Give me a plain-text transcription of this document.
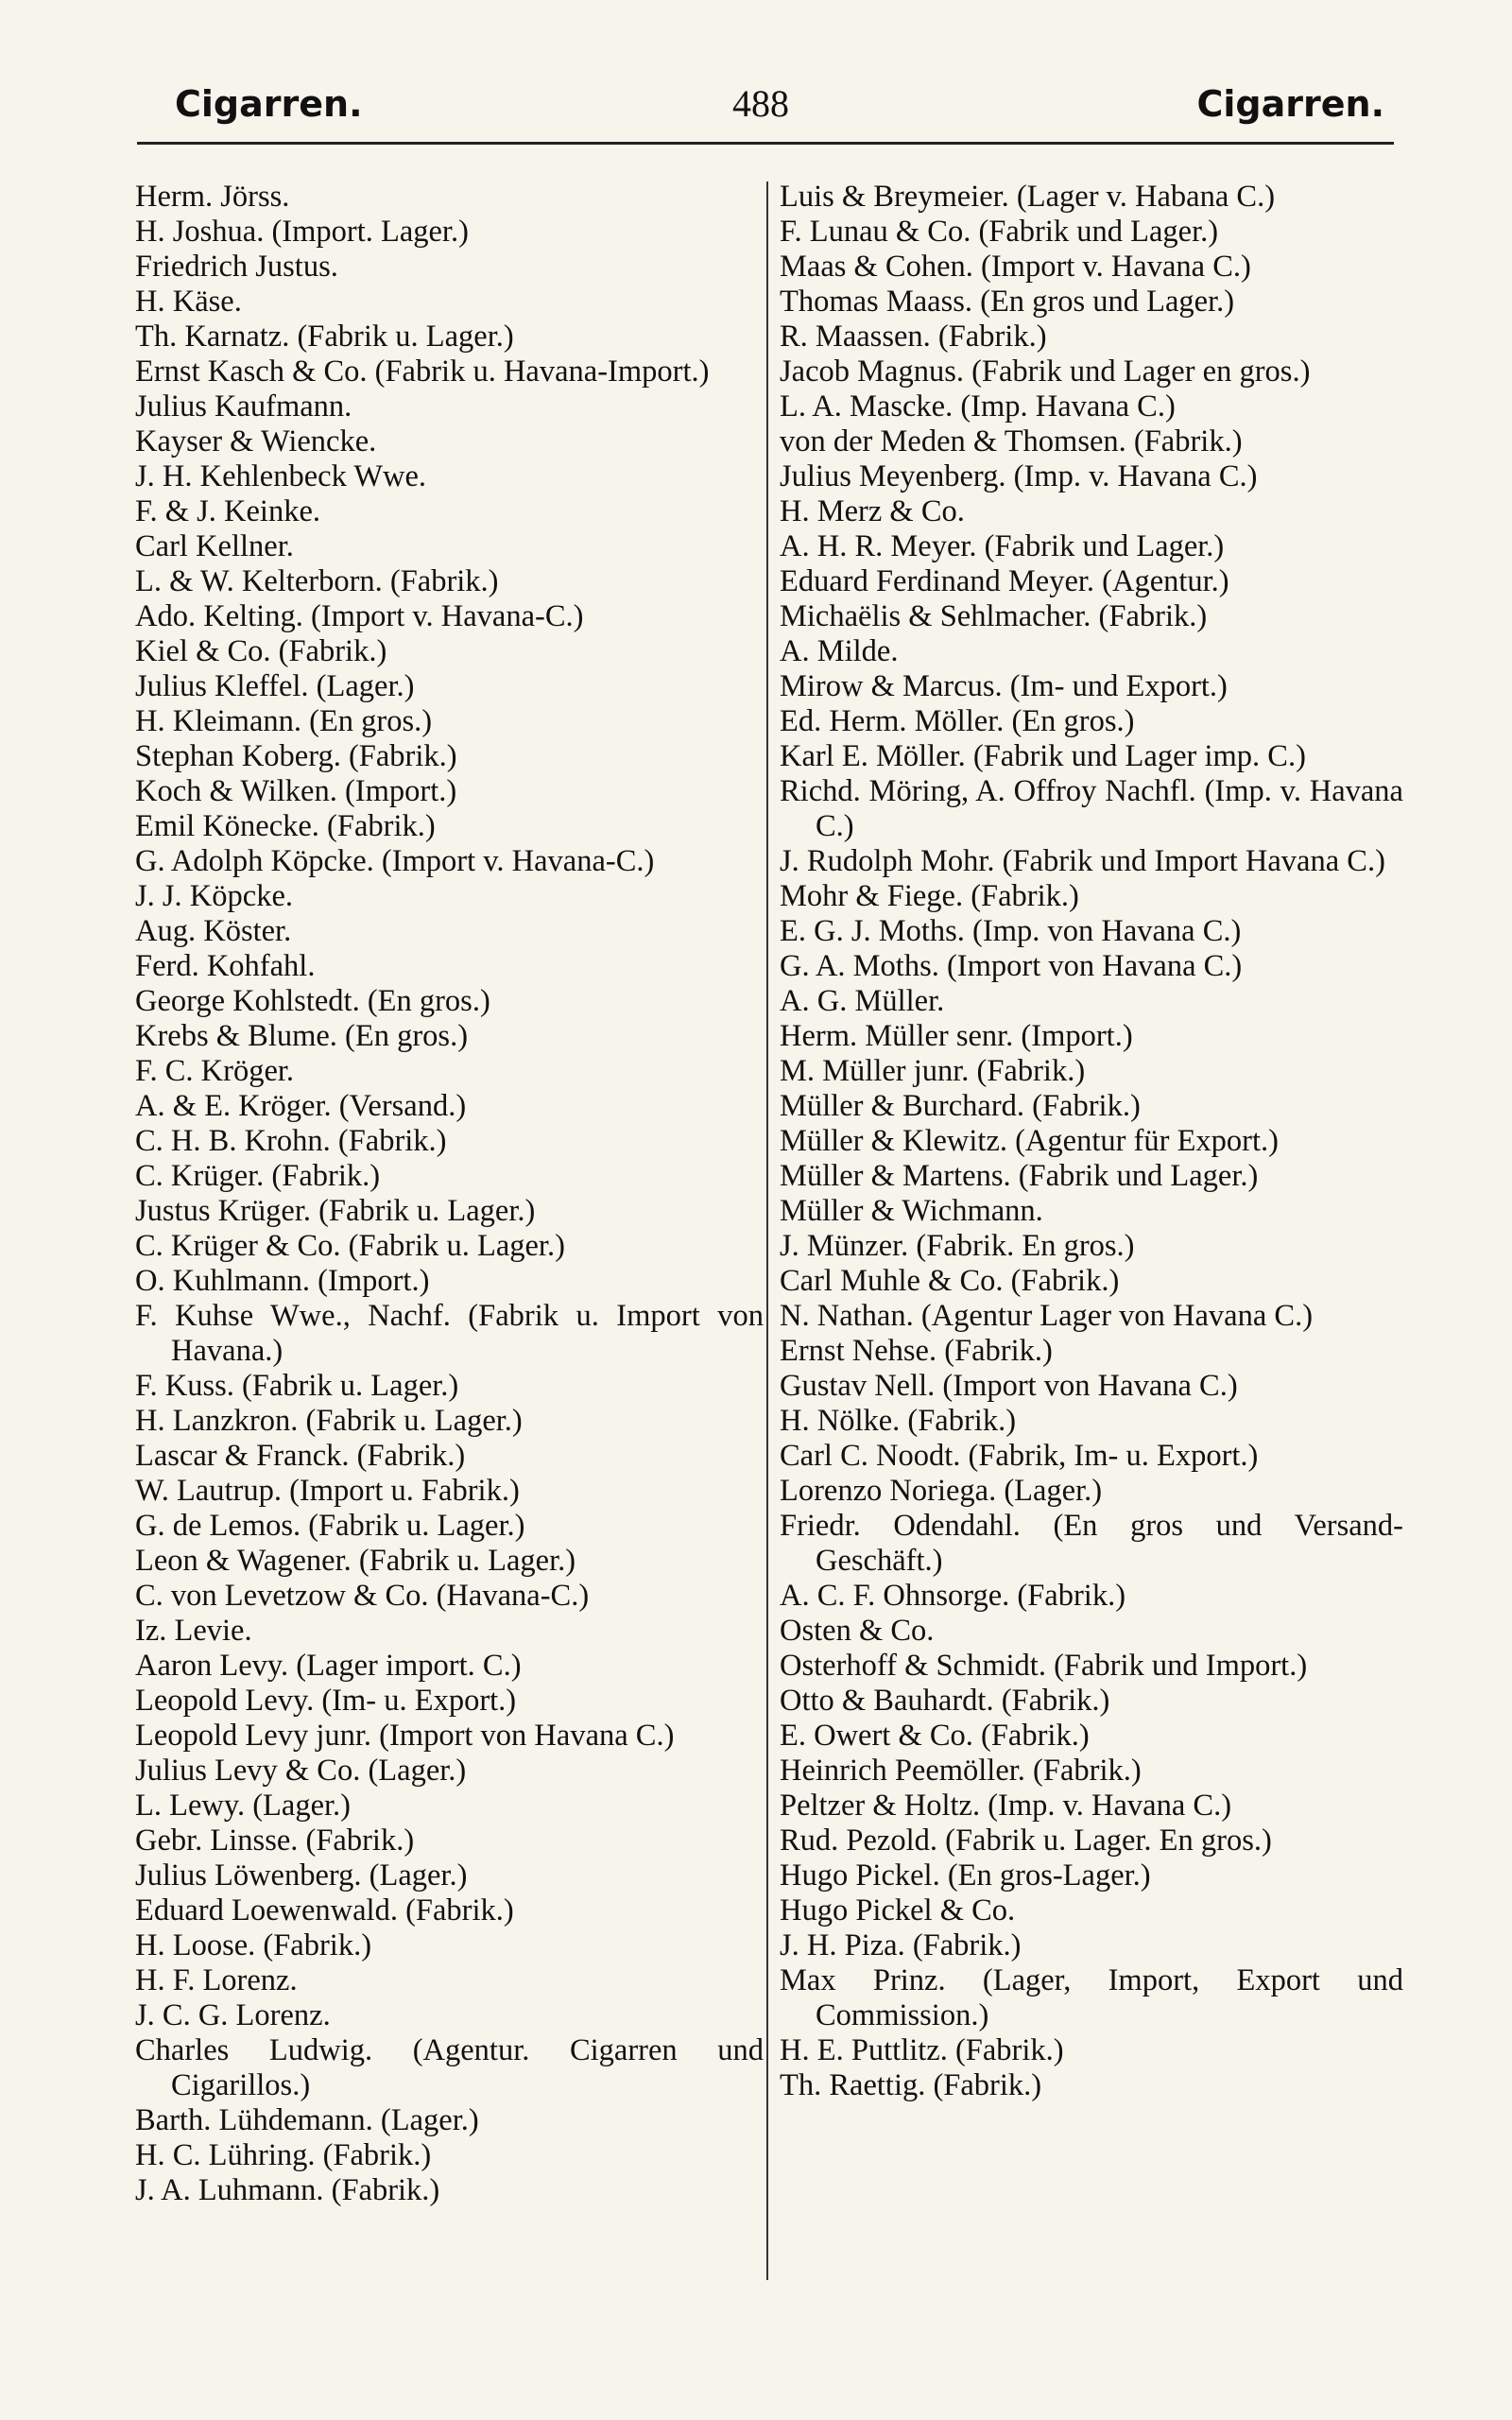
Cigarren.	488	Cigarren.
Herm. Jörss.
H. Joshua. (Import. Lager.)
Friedrich Justus.
H. Käse.
Th. Karnatz. (Fabrik u. Lager.)
Ernst Kasch & Co. (Fabrik u. Havana-Import.)
Julius Kaufmann.
Kayser & Wiencke.
J. H. Kehlenbeck Wwe.
F. & J. Keinke.
Carl Kellner.
L. & W. Kelterborn. (Fabrik.)
Ado. Kelting. (Import v. Havana-C.)
Kiel & Co. (Fabrik.)
Julius Kleffel. (Lager.)
H. Kleimann. (En gros.)
Stephan Koberg. (Fabrik.)
Koch & Wilken. (Import.)
Emil Könecke. (Fabrik.)
G. Adolph Köpcke. (Import v. Havana-C.)
J. J. Köpcke.
Aug. Köster.
Ferd. Kohfahl.
George Kohlstedt. (En gros.)
Krebs & Blume. (En gros.)
F. C. Kröger.
A. & E. Kröger. (Versand.)
C. H. B. Krohn. (Fabrik.)
C. Krüger. (Fabrik.)
Justus Krüger. (Fabrik u. Lager.)
C. Krüger & Co. (Fabrik u. Lager.)
O. Kuhlmann. (Import.)
F. Kuhse Wwe., Nachf. (Fabrik u. Import von Havana.)
F. Kuss. (Fabrik u. Lager.)
H. Lanzkron. (Fabrik u. Lager.)
Lascar & Franck. (Fabrik.)
W. Lautrup. (Import u. Fabrik.)
G. de Lemos. (Fabrik u. Lager.)
Leon & Wagener. (Fabrik u. Lager.)
C. von Levetzow & Co. (Havana-C.)
Iz. Levie.
Aaron Levy. (Lager import. C.)
Leopold Levy. (Im- u. Export.)
Leopold Levy junr. (Import von Havana C.)
Julius Levy & Co. (Lager.)
L. Lewy. (Lager.)
Gebr. Linsse. (Fabrik.)
Julius Löwenberg. (Lager.)
Eduard Loewenwald. (Fabrik.)
H. Loose. (Fabrik.)
H. F. Lorenz.
J. C. G. Lorenz.
Charles Ludwig. (Agentur. Cigarren und Cigarillos.)
Barth. Lühdemann. (Lager.)
H. C. Lühring. (Fabrik.)
J. A. Luhmann. (Fabrik.)
Luis & Breymeier. (Lager v. Habana C.)
F. Lunau & Co. (Fabrik und Lager.)
Maas & Cohen. (Import v. Havana C.)
Thomas Maass. (En gros und Lager.)
R. Maassen. (Fabrik.)
Jacob Magnus. (Fabrik und Lager en gros.)
L. A. Mascke. (Imp. Havana C.)
von der Meden & Thomsen. (Fabrik.)
Julius Meyenberg. (Imp. v. Havana C.)
H. Merz & Co.
A. H. R. Meyer. (Fabrik und Lager.)
Eduard Ferdinand Meyer. (Agentur.)
Michaëlis & Sehlmacher. (Fabrik.)
A. Milde.
Mirow & Marcus. (Im- und Export.)
Ed. Herm. Möller. (En gros.)
Karl E. Möller. (Fabrik und Lager imp. C.)
Richd. Möring, A. Offroy Nachfl. (Imp. v. Havana C.)
J. Rudolph Mohr. (Fabrik und Import Havana C.)
Mohr & Fiege. (Fabrik.)
E. G. J. Moths. (Imp. von Havana C.)
G. A. Moths. (Import von Havana C.)
A. G. Müller.
Herm. Müller senr. (Import.)
M. Müller junr. (Fabrik.)
Müller & Burchard. (Fabrik.)
Müller & Klewitz. (Agentur für Export.)
Müller & Martens. (Fabrik und Lager.)
Müller & Wichmann.
J. Münzer. (Fabrik. En gros.)
Carl Muhle & Co. (Fabrik.)
N. Nathan. (Agentur Lager von Havana C.)
Ernst Nehse. (Fabrik.)
Gustav Nell. (Import von Havana C.)
H. Nölke. (Fabrik.)
Carl C. Noodt. (Fabrik, Im- u. Export.)
Lorenzo Noriega. (Lager.)
Friedr. Odendahl. (En gros und Versand-Geschäft.)
A. C. F. Ohnsorge. (Fabrik.)
Osten & Co.
Osterhoff & Schmidt. (Fabrik und Import.)
Otto & Bauhardt. (Fabrik.)
E. Owert & Co. (Fabrik.)
Heinrich Peemöller. (Fabrik.)
Peltzer & Holtz. (Imp. v. Havana C.)
Rud. Pezold. (Fabrik u. Lager. En gros.)
Hugo Pickel. (En gros-Lager.)
Hugo Pickel & Co.
J. H. Piza. (Fabrik.)
Max Prinz. (Lager, Import, Export und Commission.)
H. E. Puttlitz. (Fabrik.)
Th. Raettig. (Fabrik.)
